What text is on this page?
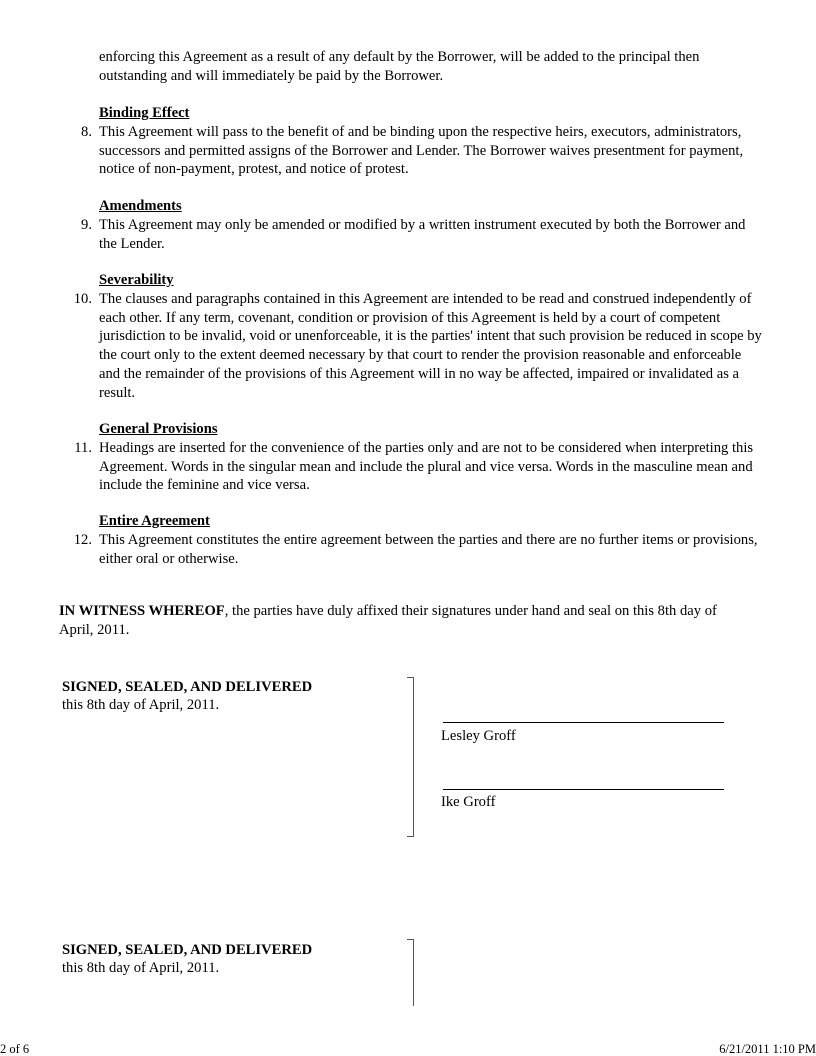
enforcing this Agreement as a result of any default by the Borrower, will be added to the principal then outstanding and will immediately be paid by the Borrower.
Binding Effect
8. This Agreement will pass to the benefit of and be binding upon the respective heirs, executors, administrators, successors and permitted assigns of the Borrower and Lender. The Borrower waives presentment for payment, notice of non-payment, protest, and notice of protest.
Amendments
9. This Agreement may only be amended or modified by a written instrument executed by both the Borrower and the Lender.
Severability
10. The clauses and paragraphs contained in this Agreement are intended to be read and construed independently of each other. If any term, covenant, condition or provision of this Agreement is held by a court of competent jurisdiction to be invalid, void or unenforceable, it is the parties' intent that such provision be reduced in scope by the court only to the extent deemed necessary by that court to render the provision reasonable and enforceable and the remainder of the provisions of this Agreement will in no way be affected, impaired or invalidated as a result.
General Provisions
11. Headings are inserted for the convenience of the parties only and are not to be considered when interpreting this Agreement. Words in the singular mean and include the plural and vice versa. Words in the masculine mean and include the feminine and vice versa.
Entire Agreement
12. This Agreement constitutes the entire agreement between the parties and there are no further items or provisions, either oral or otherwise.
IN WITNESS WHEREOF, the parties have duly affixed their signatures under hand and seal on this 8th day of April, 2011.
SIGNED, SEALED, AND DELIVERED
this 8th day of April, 2011.
Lesley Groff
Ike Groff
SIGNED, SEALED, AND DELIVERED
this 8th day of April, 2011.
2 of 6	6/21/2011 1:10 PM
